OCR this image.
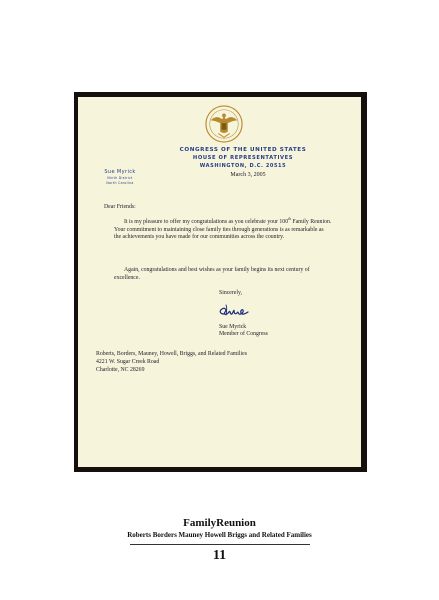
CONGRESS OF THE UNITED STATES
HOUSE OF REPRESENTATIVES
WASHINGTON, D.C. 20515
Sue Myrick
Ninth District
North Carolina
March 3, 2005
Dear Friends:

It is my pleasure to offer my congratulations as you celebrate your 100th Family Reunion. Your commitment to maintaining close family ties through generations is as remarkable as the achievements you have made for our communities across the country.

Again, congratulations and best wishes as your family begins its next century of excellence.

Sincerely,
Sue Myrick
Member of Congress
Roberts, Borders, Mauney, Howell, Briggs, and Related Families
4221 W. Sugar Creek Road
Charlotte, NC 28269
FamilyReunion
Roberts Borders Mauney Howell Briggs and Related Families
11
